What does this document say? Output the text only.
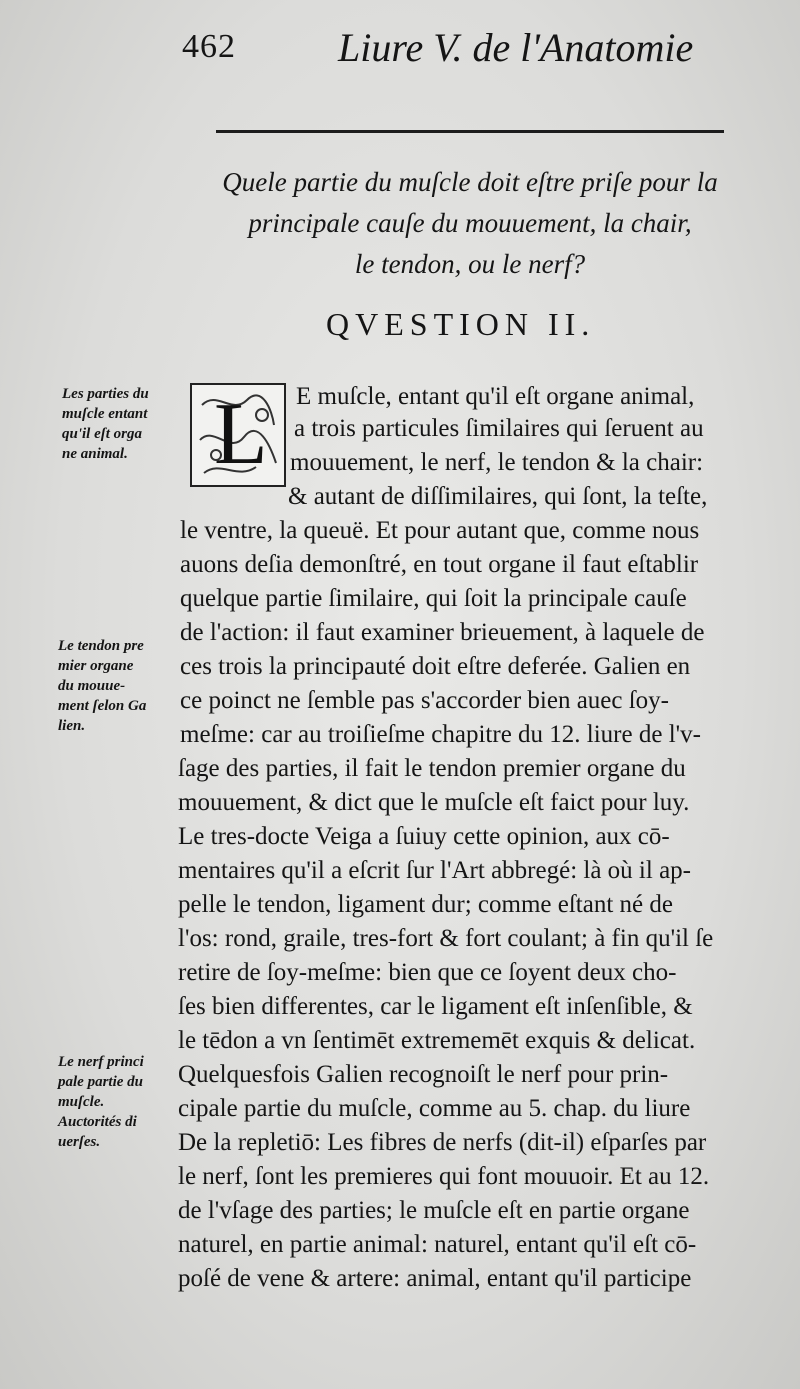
462	Liure V. de l'Anatomie
Quele partie du muſcle doit eſtre priſe pour la
principale cauſe du mouuement, la chair,
le tendon, ou le nerf?
QVESTION II.
L E muſcle, entant qu'il eſt organe animal,
a trois particules ſimilaires qui ſeruent au
mouuement, le nerf, le tendon & la chair:
& autant de diſſimilaires, qui ſont, la teſte,
le ventre, la queuë. Et pour autant que, comme nous
auons deſia demonſtré, en tout organe il faut eſtablir
quelque partie ſimilaire, qui ſoit la principale cauſe
de l'action: il faut examiner brieuement, à laquele de
ces trois la principauté doit eſtre deferée. Galien en
ce poinct ne ſemble pas s'accorder bien auec ſoy-
meſme: car au troiſieſme chapitre du 12. liure de l'v-
ſage des parties, il fait le tendon premier organe du
mouuement, & dict que le muſcle eſt faict pour luy.
Le tres-docte Veiga a ſuiuy cette opinion, aux cō-
mentaires qu'il a eſcrit ſur l'Art abbregé: là où il ap-
pelle le tendon, ligament dur; comme eſtant né de
l'os: rond, graile, tres-fort & fort coulant; à fin qu'il ſe
retire de ſoy-meſme: bien que ce ſoyent deux cho-
ſes bien differentes, car le ligament eſt inſenſible, &
le tēdon a vn ſentimēt extrememēt exquis & delicat.
Quelquesfois Galien recognoiſt le nerf pour prin-
cipale partie du muſcle, comme au 5. chap. du liure
De la repletiō: Les fibres de nerfs (dit-il) eſparſes par
le nerf, ſont les premieres qui font mouuoir. Et au 12.
de l'vſage des parties; le muſcle eſt en partie organe
naturel, en partie animal: naturel, entant qu'il eſt cō-
poſé de vene & artere: animal, entant qu'il participe
Les parties du
muſcle entant
qu'il eſt orga
ne animal.
Le tendon pre
mier organe
du mouue-
ment ſelon Ga
lien.
Le nerf princi
pale partie du
muſcle.
Auctorités di
uerſes.
